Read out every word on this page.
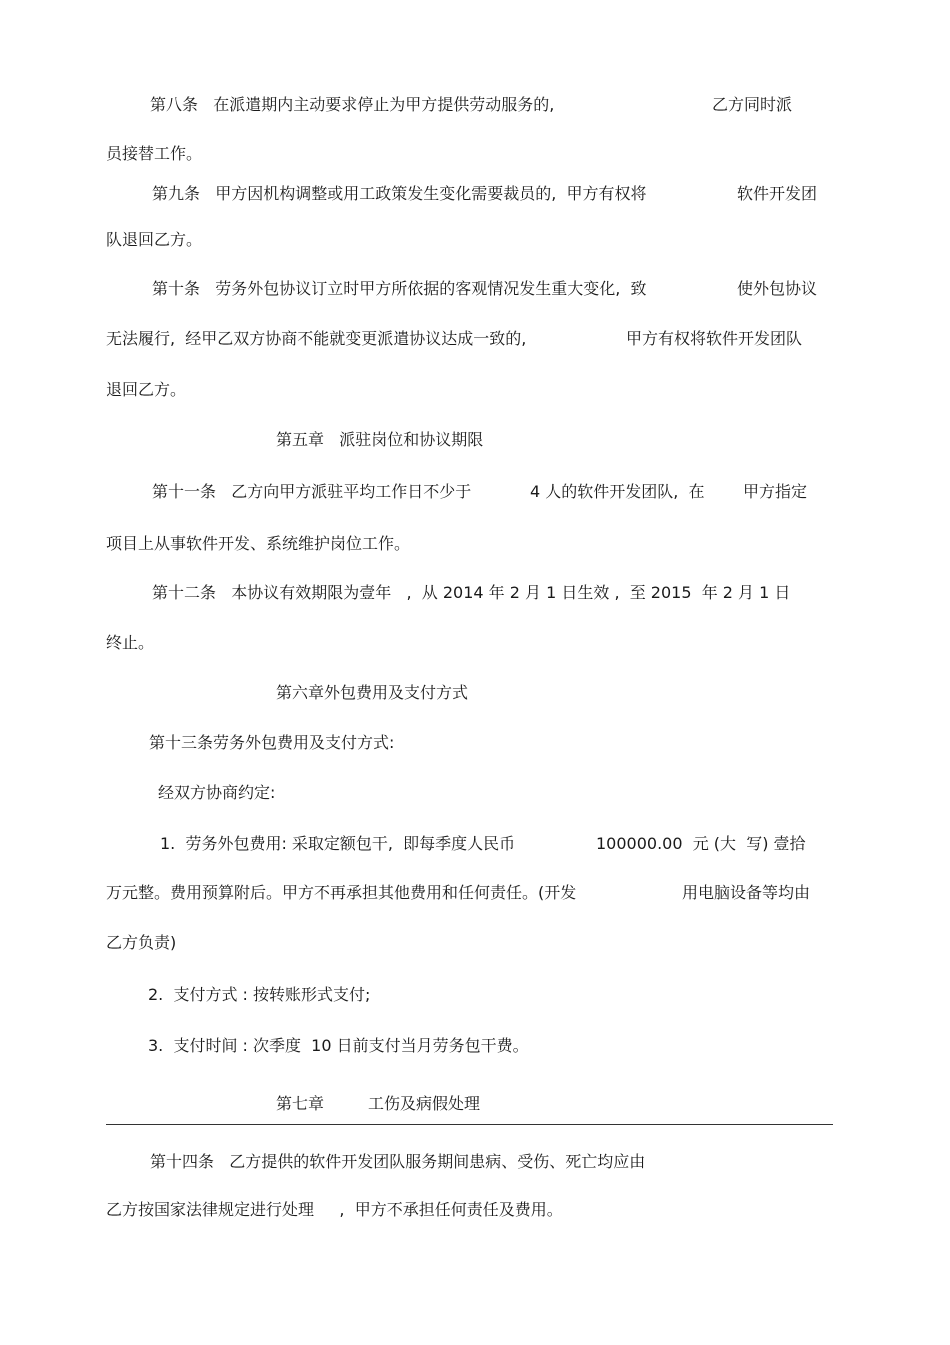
第八条   在派遣期内主动要求停止为甲方提供劳动服务的,	乙方同时派
员接替工作。
第九条   甲方因机构调整或用工政策发生变化需要裁员的,  甲方有权将	软件开发团
队退回乙方。
第十条   劳务外包协议订立时甲方所依据的客观情况发生重大变化,  致	使外包协议
无法履行,  经甲乙双方协商不能就变更派遣协议达成一致的,	甲方有权将软件开发团队
退回乙方。
第五章   派驻岗位和协议期限
第十一条   乙方向甲方派驻平均工作日不少于	4 人的软件开发团队,  在 甲方指定
项目上从事软件开发、系统维护岗位工作。
第十二条   本协议有效期限为壹年   ,  从 2014 年 2 月 1 日生效 ,  至 2015  年 2 月 1 日
终止。
第六章外包费用及支付方式
第十三条劳务外包费用及支付方式:
经双方协商约定:
1.  劳务外包费用: 采取定额包干,  即每季度人民币	100000.00  元 (大  写) 壹拾
万元整。费用预算附后。甲方不再承担其他费用和任何责任。(开发	用电脑设备等均由
乙方负责)
2.  支付方式 : 按转账形式支付;
3.  支付时间 : 次季度  10 日前支付当月劳务包干费。
第七章	工伤及病假处理
第十四条   乙方提供的软件开发团队服务期间患病、受伤、死亡均应由
乙方按国家法律规定进行处理     ,  甲方不承担任何责任及费用。
